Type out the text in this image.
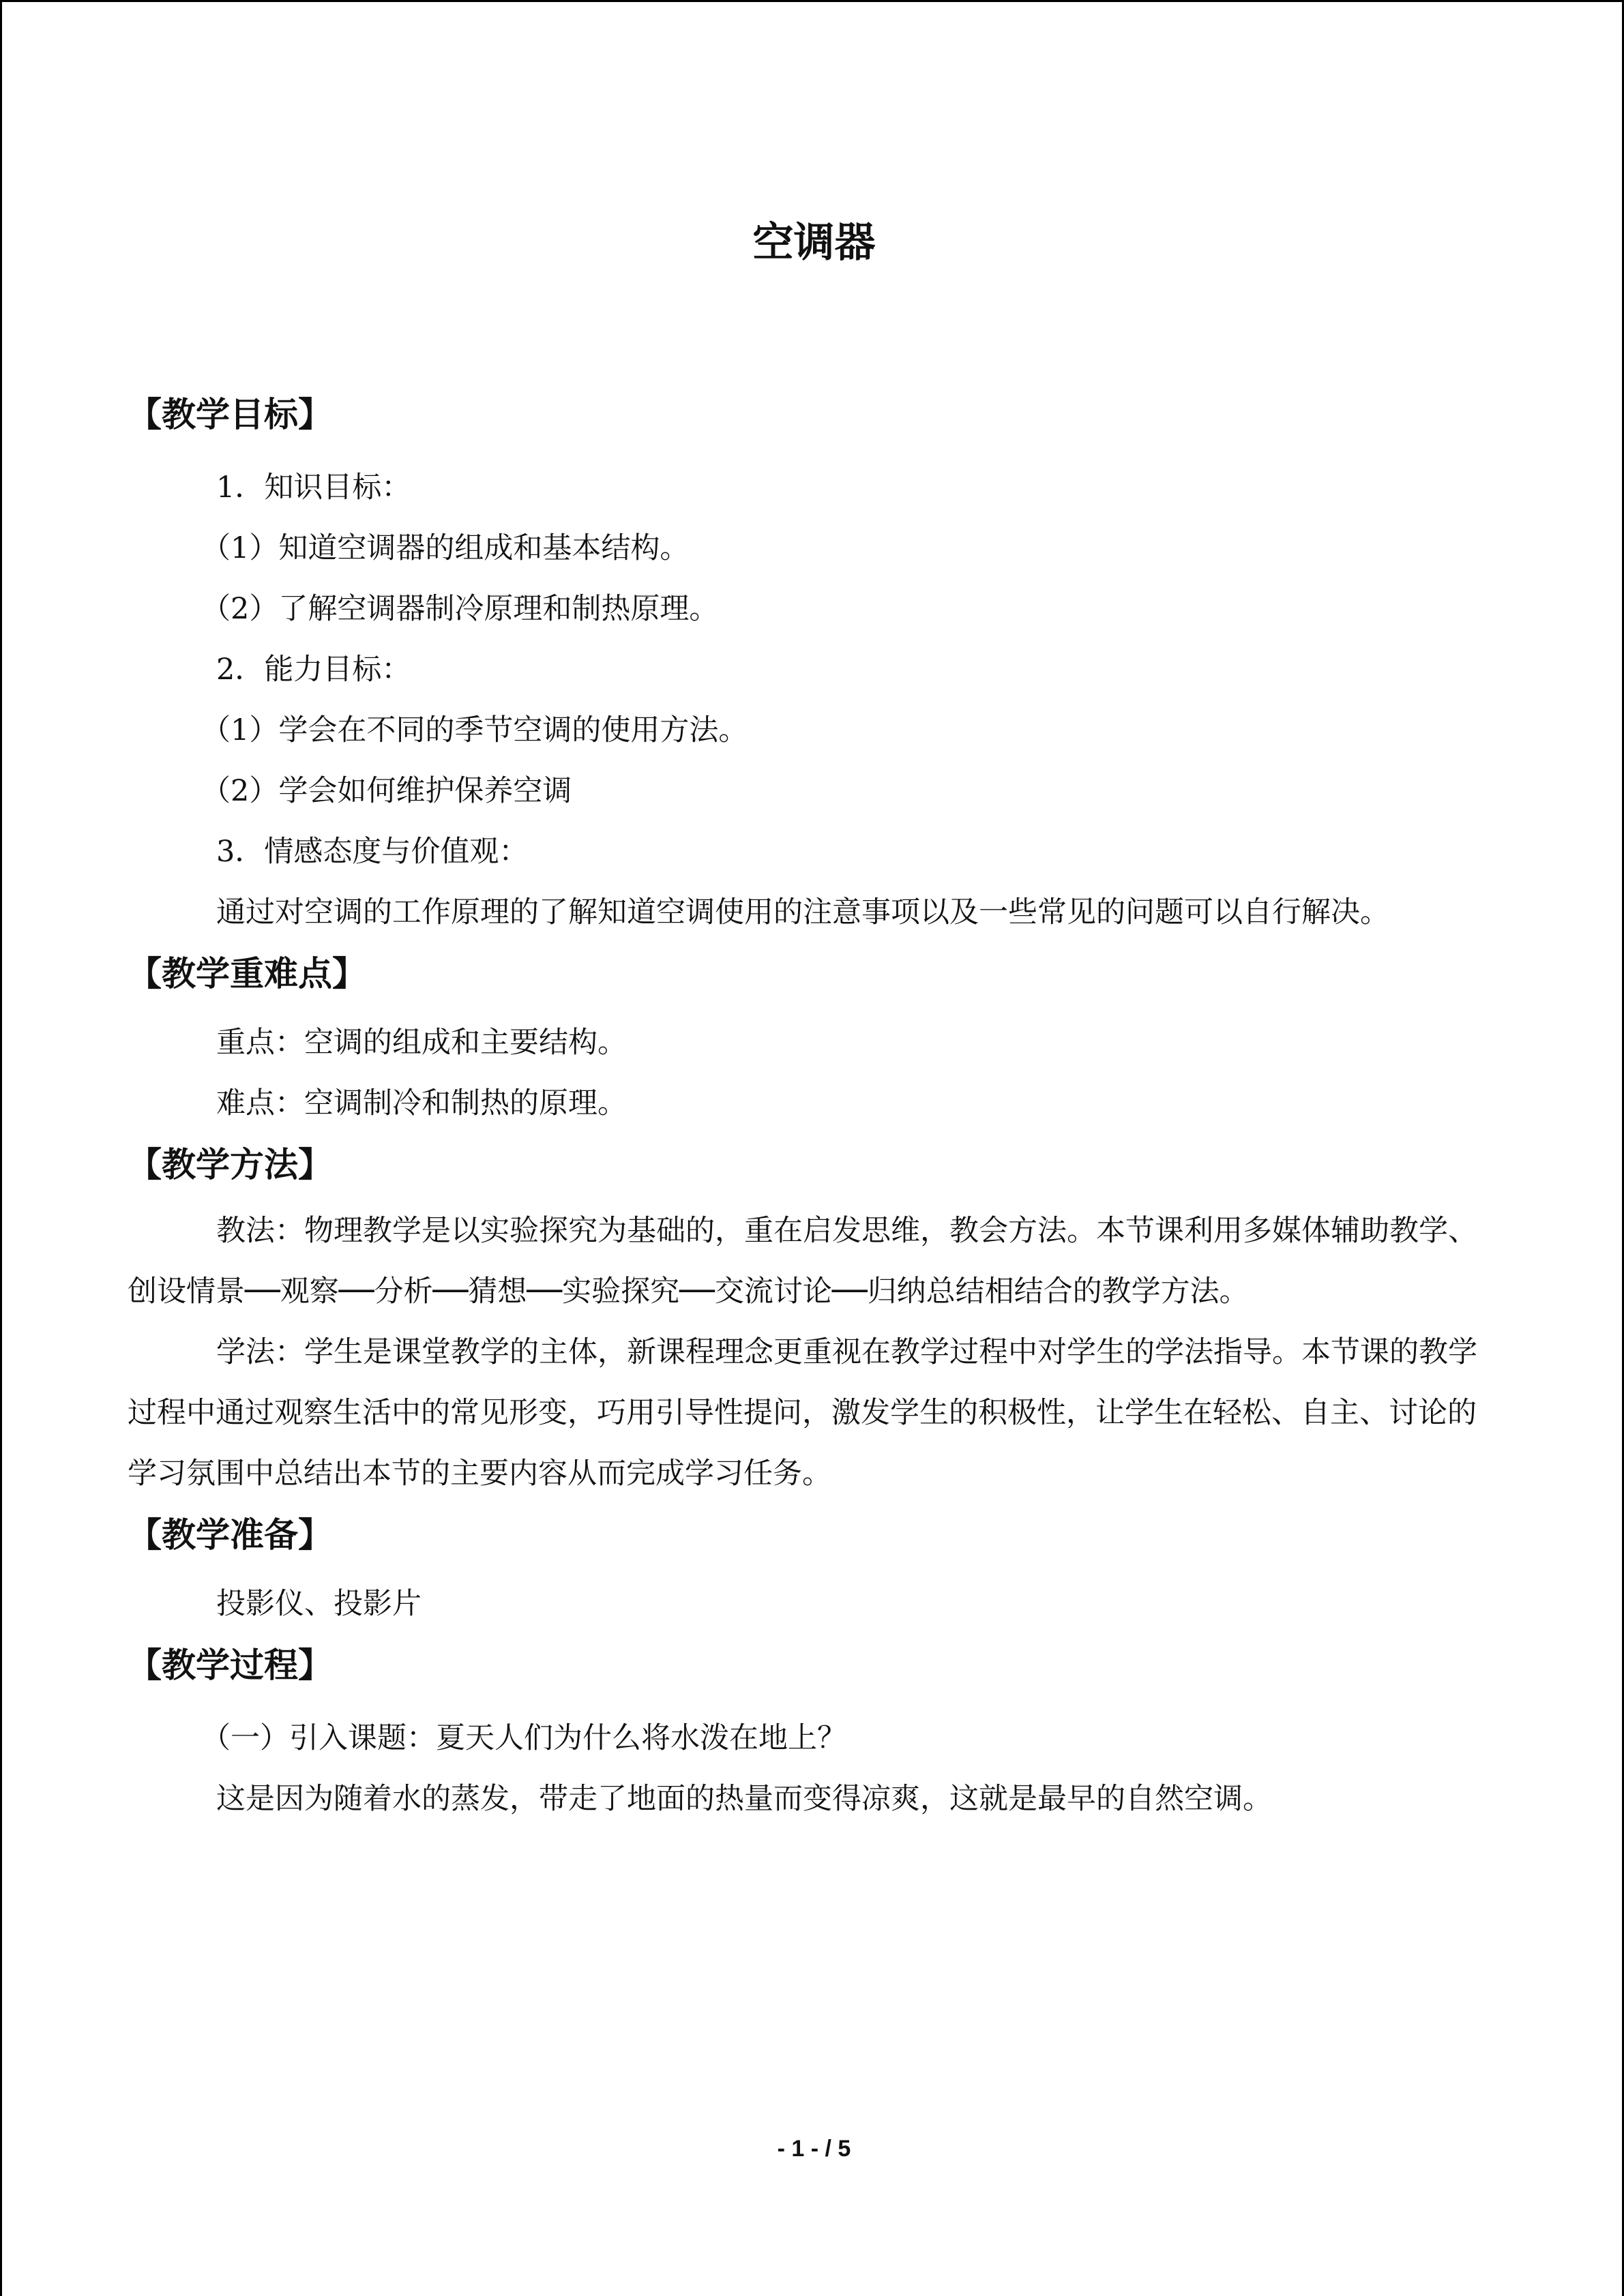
空调器
【教学目标】

1．知识目标：

（1）知道空调器的组成和基本结构。

（2）了解空调器制冷原理和制热原理。

2．能力目标：

（1）学会在不同的季节空调的使用方法。

（2）学会如何维护保养空调

3．情感态度与价值观：

通过对空调的工作原理的了解知道空调使用的注意事项以及一些常见的问题可以自行解决。

【教学重难点】

重点：空调的组成和主要结构。

难点：空调制冷和制热的原理。

【教学方法】

教法：物理教学是以实验探究为基础的，重在启发思维，教会方法。本节课利用多媒体辅助教学、创设情景──观察──分析──猜想──实验探究──交流讨论──归纳总结相结合的教学方法。

学法：学生是课堂教学的主体，新课程理念更重视在教学过程中对学生的学法指导。本节课的教学过程中通过观察生活中的常见形变，巧用引导性提问，激发学生的积极性，让学生在轻松、自主、讨论的学习氛围中总结出本节的主要内容从而完成学习任务。

【教学准备】

投影仪、投影片

【教学过程】

（一）引入课题：夏天人们为什么将水泼在地上？

这是因为随着水的蒸发，带走了地面的热量而变得凉爽，这就是最早的自然空调。

- 1 - / 5
